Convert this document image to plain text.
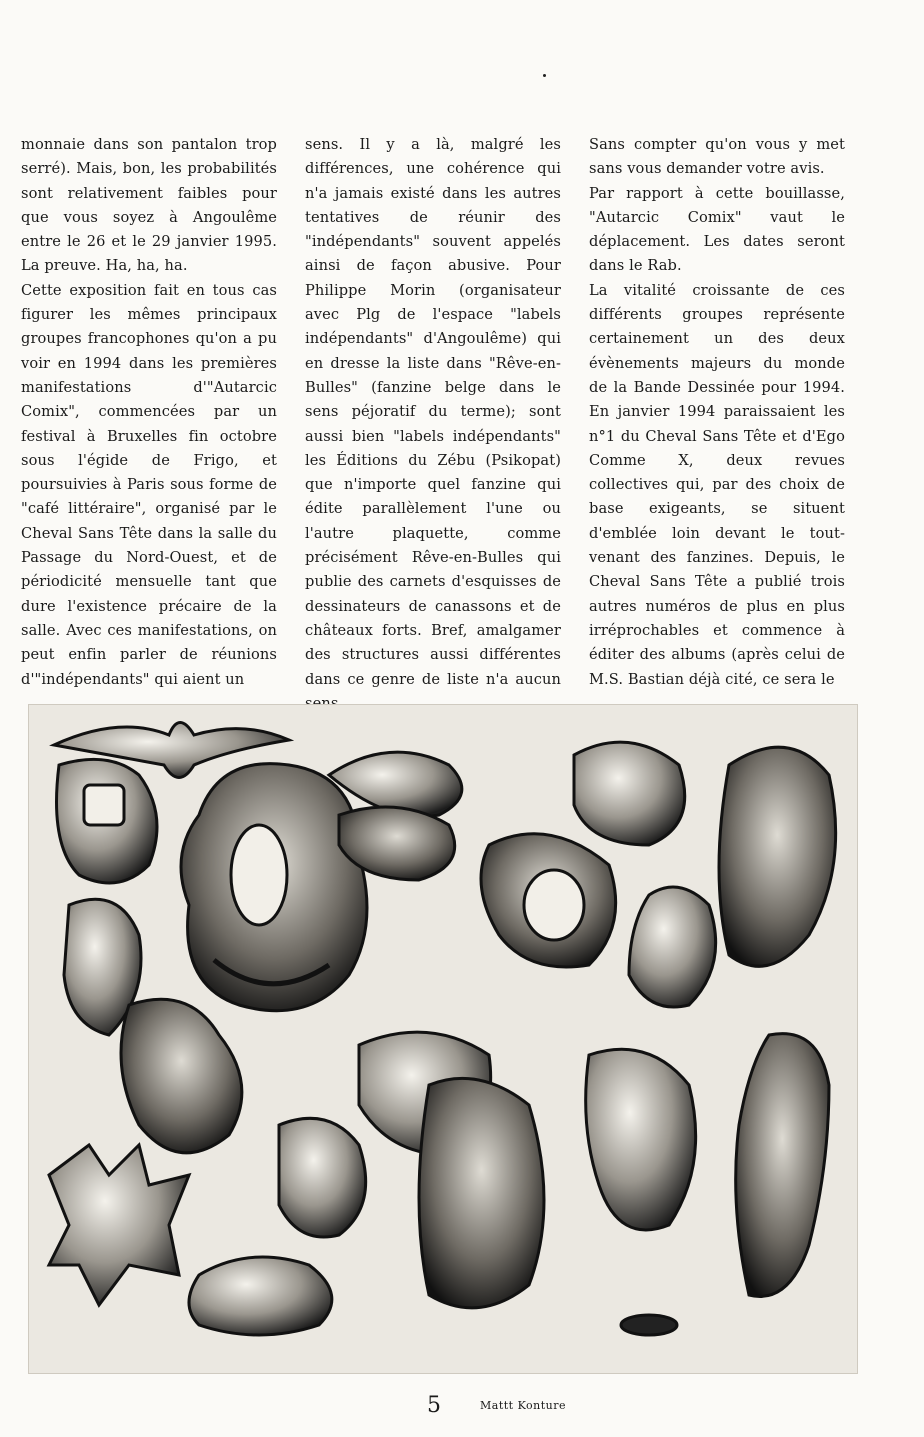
monnaie dans son pantalon trop serré). Mais, bon, les probabilités sont relativement faibles pour que vous soyez à Angoulême entre le 26 et le 29 janvier 1995. La preuve. Ha, ha, ha.

Cette exposition fait en tous cas figurer les mêmes principaux groupes francophones qu'on a pu voir en 1994 dans les premières manifestations d'"Autarcic Comix", commencées par un festival à Bruxelles fin octobre sous l'égide de Frigo, et poursuivies à Paris sous forme de "café littéraire", organisé par le Cheval Sans Tête dans la salle du Passage du Nord-Ouest, et de périodicité mensuelle tant que dure l'existence précaire de la salle. Avec ces manifestations, on peut enfin parler de réunions d'"indépendants" qui aient un

sens. Il y a là, malgré les différences, une cohérence qui n'a jamais existé dans les autres tentatives de réunir des "indépendants" souvent appelés ainsi de façon abusive. Pour Philippe Morin (organisateur avec Plg de l'espace "labels indépendants" d'Angoulême) qui en dresse la liste dans "Rêve-en-Bulles" (fanzine belge dans le sens péjoratif du terme); sont aussi bien "labels indépendants" les Éditions du Zébu (Psikopat) que n'importe quel fanzine qui édite parallèlement l'une ou l'autre plaquette, comme précisément Rêve-en-Bulles qui publie des carnets d'esquisses de dessinateurs de canassons et de châteaux forts. Bref, amalgamer des structures aussi différentes dans ce genre de liste n'a aucun

Sans compter qu'on vous y met sans vous demander votre avis.

Par rapport à cette bouillasse, "Autarcic Comix" vaut le déplacement. Les dates seront dans le Rab.

La vitalité croissante de ces différents groupes représente certainement un des deux évènements majeurs du monde de la Bande Dessinée pour 1994. En janvier 1994 paraissaient les n°1 du Cheval Sans Tête et d'Ego Comme X, deux revues collectives qui, par des choix de base exigeants, se situent d'emblée loin devant le tout-venant des fanzines. Depuis, le Cheval Sans Tête a publié trois autres numéros de plus en plus irréprochables et commence à éditer des albums (après celui de M.S. Bastian déjà cité, ce sera le

5	Mattt Konture
